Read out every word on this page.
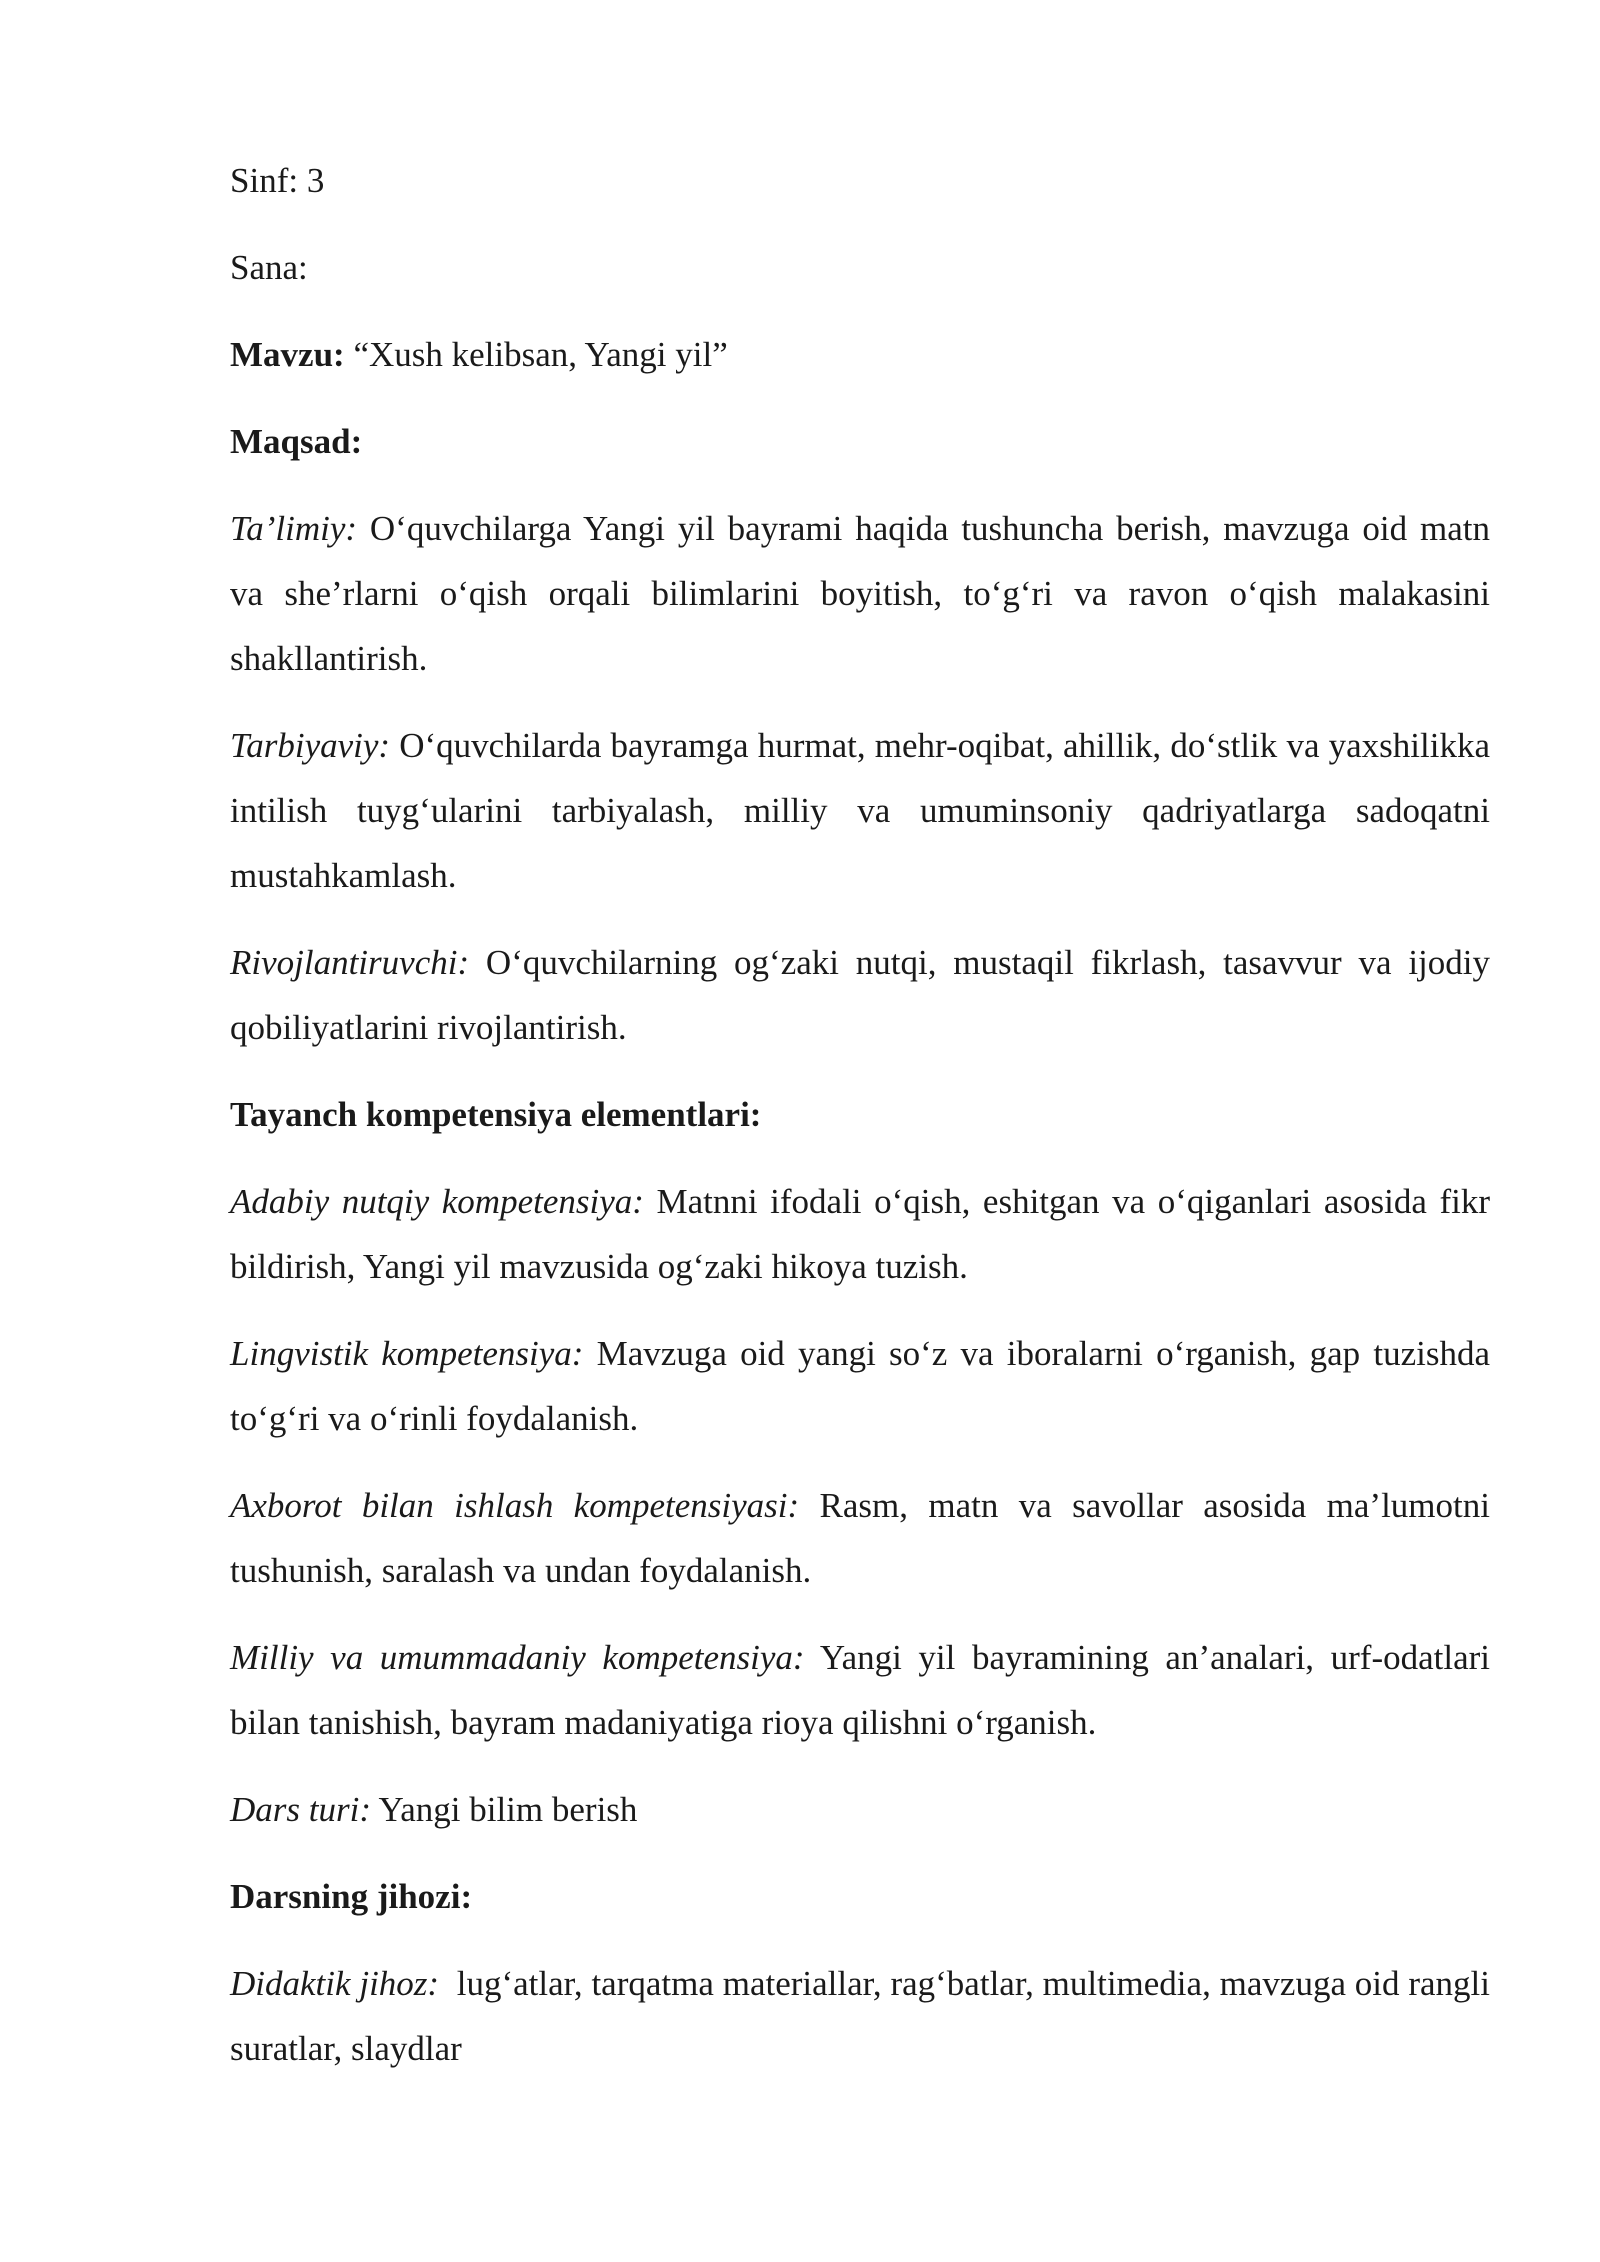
Sinf: 3

Sana:

Mavzu: “Xush kelibsan, Yangi yil”

Maqsad:

Ta’limiy: O‘quvchilarga Yangi yil bayrami haqida tushuncha berish, mavzuga oid matn va she’rlarni o‘qish orqali bilimlarini boyitish, to‘g‘ri va ravon o‘qish malakasini shakllantirish.

Tarbiyaviy: O‘quvchilarda bayramga hurmat, mehr-oqibat, ahillik, do‘stlik va yaxshilikka intilish tuyg‘ularini tarbiyalash, milliy va umuminsoniy qadriyatlarga sadoqatni mustahkamlash.

Rivojlantiruvchi: O‘quvchilarning og‘zaki nutqi, mustaqil fikrlash, tasavvur va ijodiy qobiliyatlarini rivojlantirish.

Tayanch kompetensiya elementlari:

Adabiy nutqiy kompetensiya: Matnni ifodali o‘qish, eshitgan va o‘qiganlari asosida fikr bildirish, Yangi yil mavzusida og‘zaki hikoya tuzish.

Lingvistik kompetensiya: Mavzuga oid yangi so‘z va iboralarni o‘rganish, gap tuzishda to‘g‘ri va o‘rinli foydalanish.

Axborot bilan ishlash kompetensiyasi: Rasm, matn va savollar asosida ma’lumotni tushunish, saralash va undan foydalanish.

Milliy va umummadaniy kompetensiya: Yangi yil bayramining an’analari, urf-odatlari bilan tanishish, bayram madaniyatiga rioya qilishni o‘rganish.

Dars turi: Yangi bilim berish

Darsning jihozi:

Didaktik jihoz:  lug‘atlar, tarqatma materiallar, rag‘batlar, multimedia, mavzuga oid rangli suratlar, slaydlar
